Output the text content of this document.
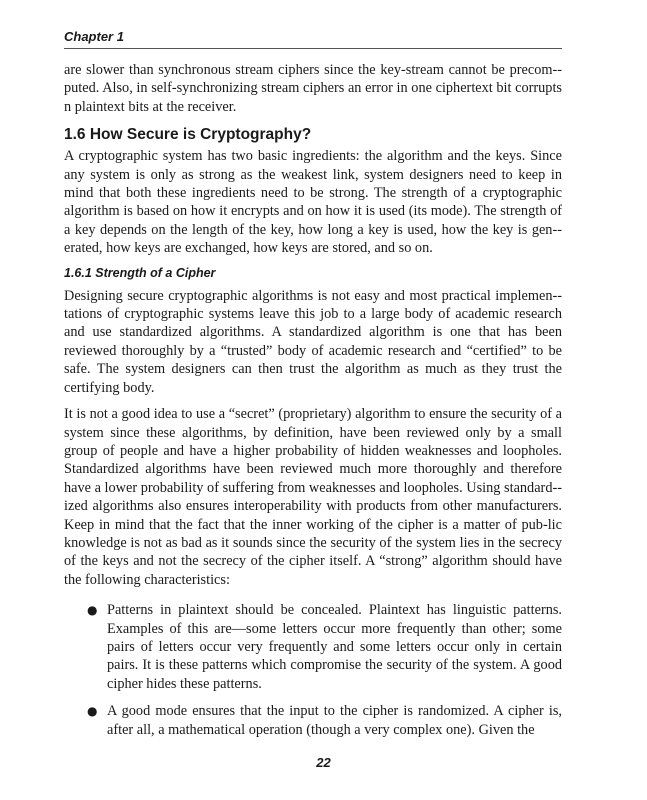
Chapter 1

are slower than synchronous stream ciphers since the key-stream cannot be precom-puted. Also, in self-synchronizing stream ciphers an error in one ciphertext bit corrupts n plaintext bits at the receiver.

1.6 How Secure is Cryptography?

A cryptographic system has two basic ingredients: the algorithm and the keys. Since any system is only as strong as the weakest link, system designers need to keep in mind that both these ingredients need to be strong. The strength of a cryptographic algorithm is based on how it encrypts and on how it is used (its mode). The strength of a key depends on the length of the key, how long a key is used, how the key is gen-erated, how keys are exchanged, how keys are stored, and so on.

1.6.1 Strength of a Cipher

Designing secure cryptographic algorithms is not easy and most practical implemen-tations of cryptographic systems leave this job to a large body of academic research and use standardized algorithms. A standardized algorithm is one that has been reviewed thoroughly by a “trusted” body of academic research and “certified” to be safe. The system designers can then trust the algorithm as much as they trust the certifying body.

It is not a good idea to use a “secret” (proprietary) algorithm to ensure the security of a system since these algorithms, by definition, have been reviewed only by a small group of people and have a higher probability of hidden weaknesses and loopholes. Standardized algorithms have been reviewed much more thoroughly and therefore have a lower probability of suffering from weaknesses and loopholes. Using standard-ized algorithms also ensures interoperability with products from other manufacturers. Keep in mind that the fact that the inner working of the cipher is a matter of pub-lic knowledge is not as bad as it sounds since the security of the system lies in the secrecy of the keys and not the secrecy of the cipher itself. A “strong” algorithm should have the following characteristics:

● Patterns in plaintext should be concealed. Plaintext has linguistic patterns. Examples of this are—some letters occur more frequently than other; some pairs of letters occur very frequently and some letters occur only in certain pairs. It is these patterns which compromise the security of the system. A good cipher hides these patterns.

● A good mode ensures that the input to the cipher is randomized. A cipher is, after all, a mathematical operation (though a very complex one). Given the

22
